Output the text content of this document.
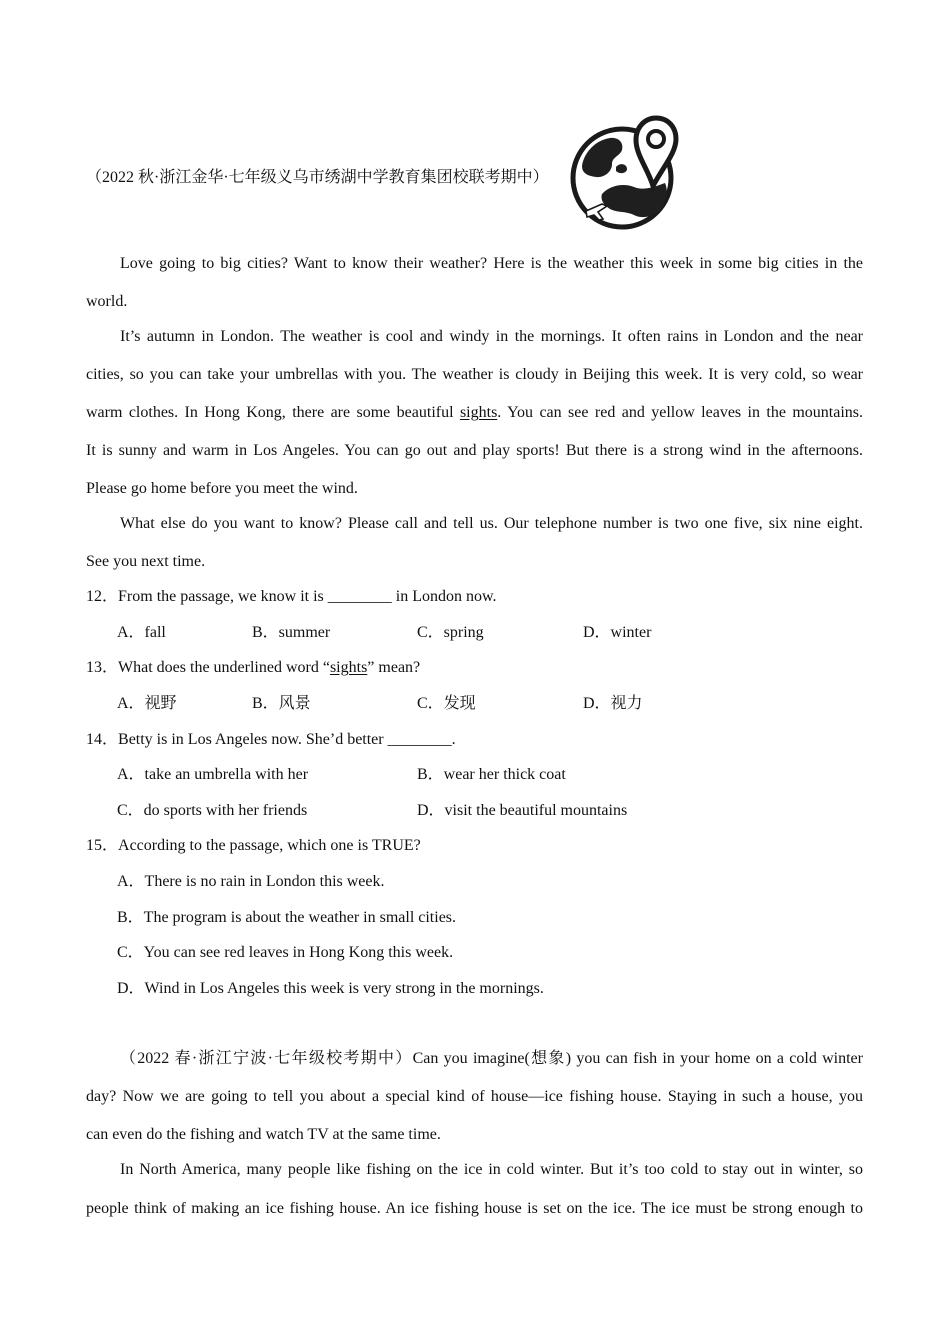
（2022 秋·浙江金华·七年级义乌市绣湖中学教育集团校联考期中）
Love going to big cities? Want to know their weather? Here is the weather this week in some big cities in the
world.
It’s autumn in London. The weather is cool and windy in the mornings. It often rains in London and the near
cities, so you can take your umbrellas with you. The weather is cloudy in Beijing this week. It is very cold, so wear
warm clothes. In Hong Kong, there are some beautiful sights. You can see red and yellow leaves in the mountains.
It is sunny and warm in Los Angeles. You can go out and play sports! But there is a strong wind in the afternoons.
Please go home before you meet the wind.
What else do you want to know? Please call and tell us. Our telephone number is two one five, six nine eight.
See you next time.
12．From the passage, we know it is ________ in London now.
A．fall	B．summer	C．spring	D．winter
13．What does the underlined word “sights” mean?
A．视野	B．风景	C．发现	D．视力
14．Betty is in Los Angeles now. She’d better ________.
A．take an umbrella with her	B．wear her thick coat
C．do sports with her friends	D．visit the beautiful mountains
15．According to the passage, which one is TRUE?
A．There is no rain in London this week.
B．The program is about the weather in small cities.
C．You can see red leaves in Hong Kong this week.
D．Wind in Los Angeles this week is very strong in the mornings.
（2022 春·浙江宁波·七年级校考期中）Can you imagine(想象) you can fish in your home on a cold winter
day? Now we are going to tell you about a special kind of house—ice fishing house. Staying in such a house, you
can even do the fishing and watch TV at the same time.
In North America, many people like fishing on the ice in cold winter. But it’s too cold to stay out in winter, so
people think of making an ice fishing house. An ice fishing house is set on the ice. The ice must be strong enough to
